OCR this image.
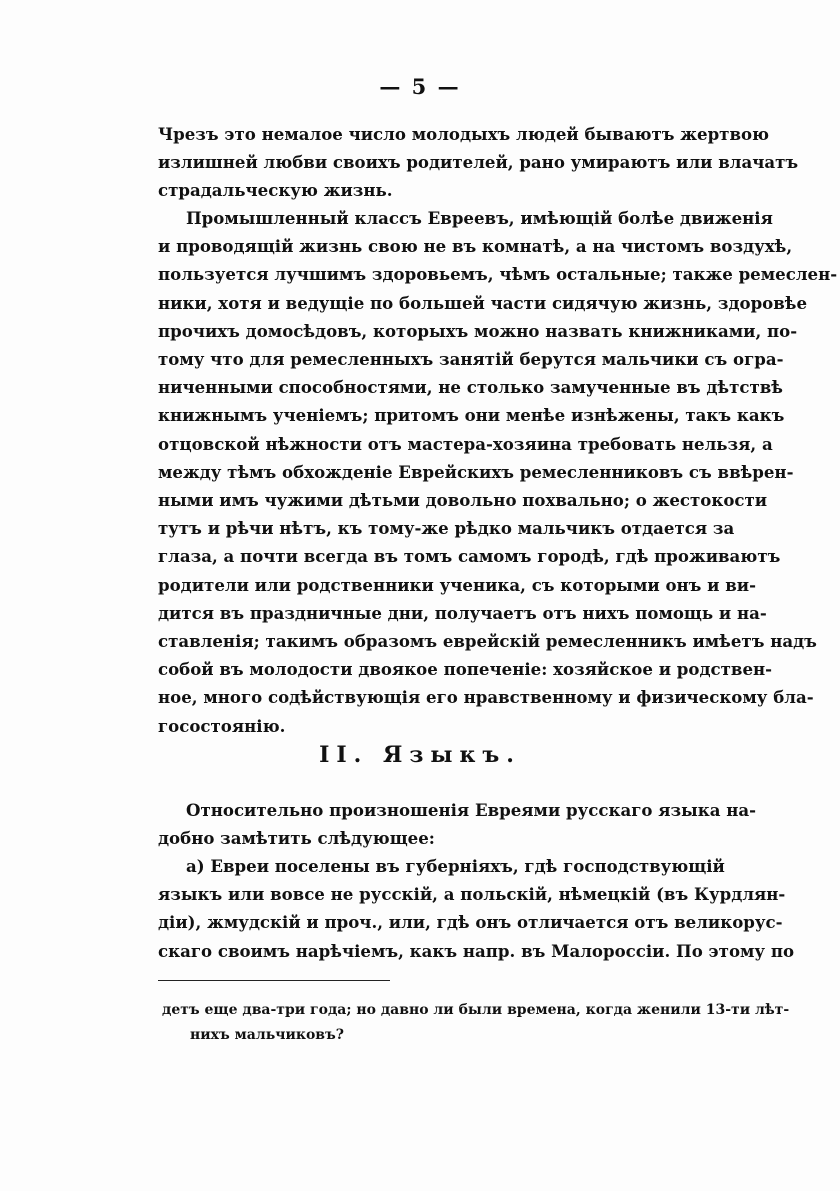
— 5 —
Чрезъ это немалое число молодыхъ людей бываютъ жертвою
излишней любви своихъ родителей, рано умираютъ или влачатъ
страдальческую жизнь.
Промышленный классъ Евреевъ, имѣющій болѣе движенія
и проводящій жизнь свою не въ комнатѣ, а на чистомъ воздухѣ,
пользуется лучшимъ здоровьемъ, чѣмъ остальные; также ремеслен-
ники, хотя и ведущіе по большей части сидячую жизнь, здоровѣе
прочихъ домосѣдовъ, которыхъ можно назвать книжниками, по-
тому что для ремесленныхъ занятій берутся мальчики съ огра-
ниченными способностями, не столько замученные въ дѣтствѣ
книжнымъ ученіемъ; притомъ они менѣе изнѣжены, такъ какъ
отцовской нѣжности отъ мастера-хозяина требовать нельзя, а
между тѣмъ обхожденіе Еврейскихъ ремесленниковъ съ ввѣрен-
ными имъ чужими дѣтьми довольно похвально; о жестокости
тутъ и рѣчи нѣтъ, къ тому-же рѣдко мальчикъ отдается за
глаза, а почти всегда въ томъ самомъ городѣ, гдѣ проживаютъ
родители или родственники ученика, съ которыми онъ и ви-
дится въ праздничные дни, получаетъ отъ нихъ помощь и на-
ставленія; такимъ образомъ еврейскій ремесленникъ имѣетъ надъ
собой въ молодости двоякое попеченіе: хозяйское и родствен-
ное, много содѣйствующія его нравственному и физическому бла-
госостоянію.
II. Языкъ.
Относительно произношенія Евреями русскаго языка на-
добно замѣтить слѣдующее:
а) Евреи поселены въ губерніяхъ, гдѣ господствующій
языкъ или вовсе не русскій, а польскій, нѣмецкій (въ Курдлян-
діи), жмудскій и проч., или, гдѣ онъ отличается отъ великорус-
скаго своимъ нарѣчіемъ, какъ напр. въ Малороссіи. По этому по
детъ еще два-три года; но давно ли были времена, когда женили 13-ти лѣт-
нихъ мальчиковъ?
